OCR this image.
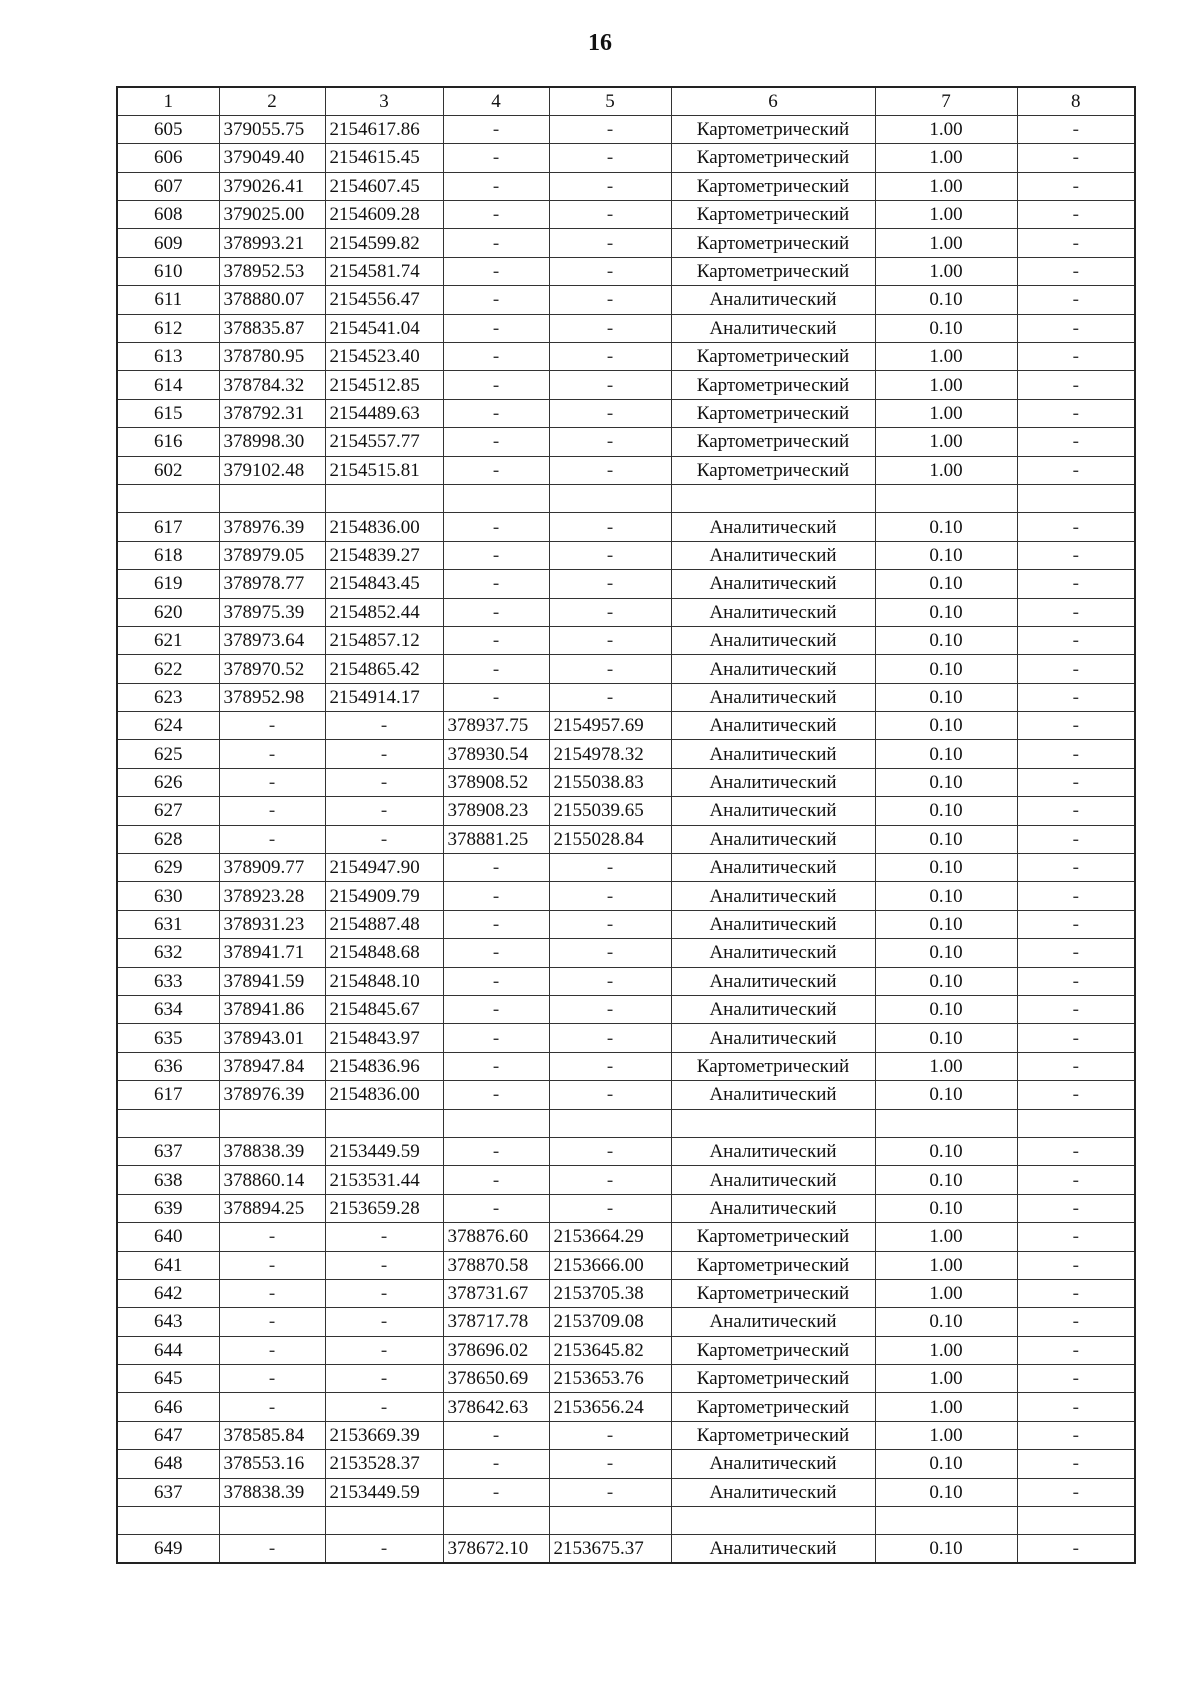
16
1	2	3	4	5	6	7	8
605	379055.75	2154617.86	-	-	Картометрический	1.00	-
606	379049.40	2154615.45	-	-	Картометрический	1.00	-
607	379026.41	2154607.45	-	-	Картометрический	1.00	-
608	379025.00	2154609.28	-	-	Картометрический	1.00	-
609	378993.21	2154599.82	-	-	Картометрический	1.00	-
610	378952.53	2154581.74	-	-	Картометрический	1.00	-
611	378880.07	2154556.47	-	-	Аналитический	0.10	-
612	378835.87	2154541.04	-	-	Аналитический	0.10	-
613	378780.95	2154523.40	-	-	Картометрический	1.00	-
614	378784.32	2154512.85	-	-	Картометрический	1.00	-
615	378792.31	2154489.63	-	-	Картометрический	1.00	-
616	378998.30	2154557.77	-	-	Картометрический	1.00	-
602	379102.48	2154515.81	-	-	Картометрический	1.00	-

617	378976.39	2154836.00	-	-	Аналитический	0.10	-
618	378979.05	2154839.27	-	-	Аналитический	0.10	-
619	378978.77	2154843.45	-	-	Аналитический	0.10	-
620	378975.39	2154852.44	-	-	Аналитический	0.10	-
621	378973.64	2154857.12	-	-	Аналитический	0.10	-
622	378970.52	2154865.42	-	-	Аналитический	0.10	-
623	378952.98	2154914.17	-	-	Аналитический	0.10	-
624	-	-	378937.75	2154957.69	Аналитический	0.10	-
625	-	-	378930.54	2154978.32	Аналитический	0.10	-
626	-	-	378908.52	2155038.83	Аналитический	0.10	-
627	-	-	378908.23	2155039.65	Аналитический	0.10	-
628	-	-	378881.25	2155028.84	Аналитический	0.10	-
629	378909.77	2154947.90	-	-	Аналитический	0.10	-
630	378923.28	2154909.79	-	-	Аналитический	0.10	-
631	378931.23	2154887.48	-	-	Аналитический	0.10	-
632	378941.71	2154848.68	-	-	Аналитический	0.10	-
633	378941.59	2154848.10	-	-	Аналитический	0.10	-
634	378941.86	2154845.67	-	-	Аналитический	0.10	-
635	378943.01	2154843.97	-	-	Аналитический	0.10	-
636	378947.84	2154836.96	-	-	Картометрический	1.00	-
617	378976.39	2154836.00	-	-	Аналитический	0.10	-

637	378838.39	2153449.59	-	-	Аналитический	0.10	-
638	378860.14	2153531.44	-	-	Аналитический	0.10	-
639	378894.25	2153659.28	-	-	Аналитический	0.10	-
640	-	-	378876.60	2153664.29	Картометрический	1.00	-
641	-	-	378870.58	2153666.00	Картометрический	1.00	-
642	-	-	378731.67	2153705.38	Картометрический	1.00	-
643	-	-	378717.78	2153709.08	Аналитический	0.10	-
644	-	-	378696.02	2153645.82	Картометрический	1.00	-
645	-	-	378650.69	2153653.76	Картометрический	1.00	-
646	-	-	378642.63	2153656.24	Картометрический	1.00	-
647	378585.84	2153669.39	-	-	Картометрический	1.00	-
648	378553.16	2153528.37	-	-	Аналитический	0.10	-
637	378838.39	2153449.59	-	-	Аналитический	0.10	-

649	-	-	378672.10	2153675.37	Аналитический	0.10	-
